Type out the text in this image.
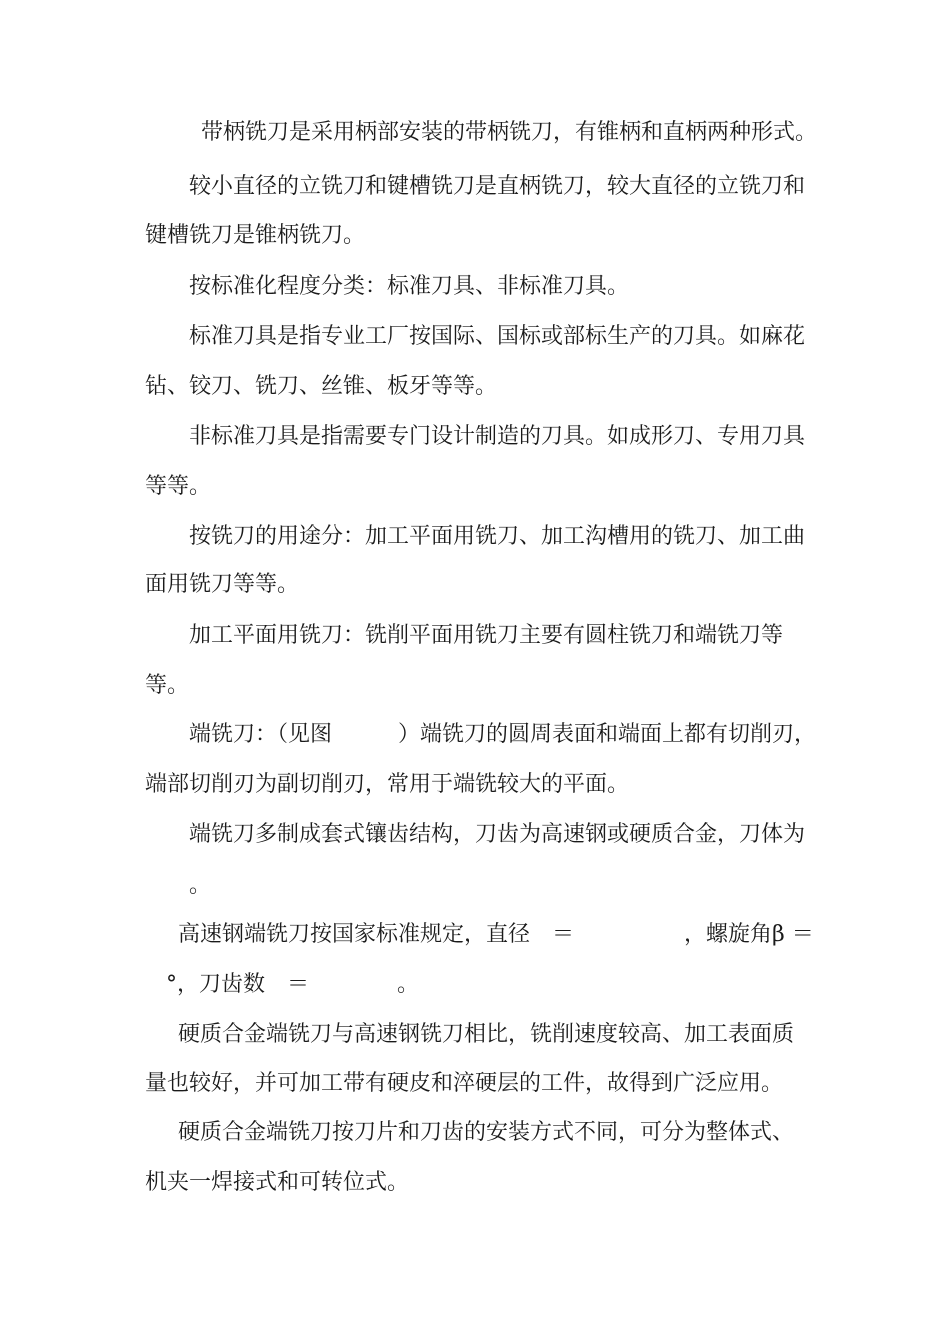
带柄铣刀是采用柄部安装的带柄铣刀，有锥柄和直柄两种形式。
较小直径的立铣刀和键槽铣刀是直柄铣刀，较大直径的立铣刀和
键槽铣刀是锥柄铣刀。
按标准化程度分类：标准刀具、非标准刀具。
标准刀具是指专业工厂按国际、国标或部标生产的刀具。如麻花
钻、铰刀、铣刀、丝锥、板牙等等。
非标准刀具是指需要专门设计制造的刀具。如成形刀、专用刀具
等等。
按铣刀的用途分：加工平面用铣刀、加工沟槽用的铣刀、加工曲
面用铣刀等等。
加工平面用铣刀：铣削平面用铣刀主要有圆柱铣刀和端铣刀等
等。
端铣刀：（见图　　　）端铣刀的圆周表面和端面上都有切削刃，
端部切削刃为副切削刃，常用于端铣较大的平面。
端铣刀多制成套式镶齿结构，刀齿为高速钢或硬质合金，刀体为
。
高速钢端铣刀按国家标准规定，直径　＝　　　　　，螺旋角β ＝
°，刀齿数　＝　　　　。
硬质合金端铣刀与高速钢铣刀相比，铣削速度较高、加工表面质
量也较好，并可加工带有硬皮和淬硬层的工件，故得到广泛应用。
硬质合金端铣刀按刀片和刀齿的安装方式不同，可分为整体式、
机夹一焊接式和可转位式。
